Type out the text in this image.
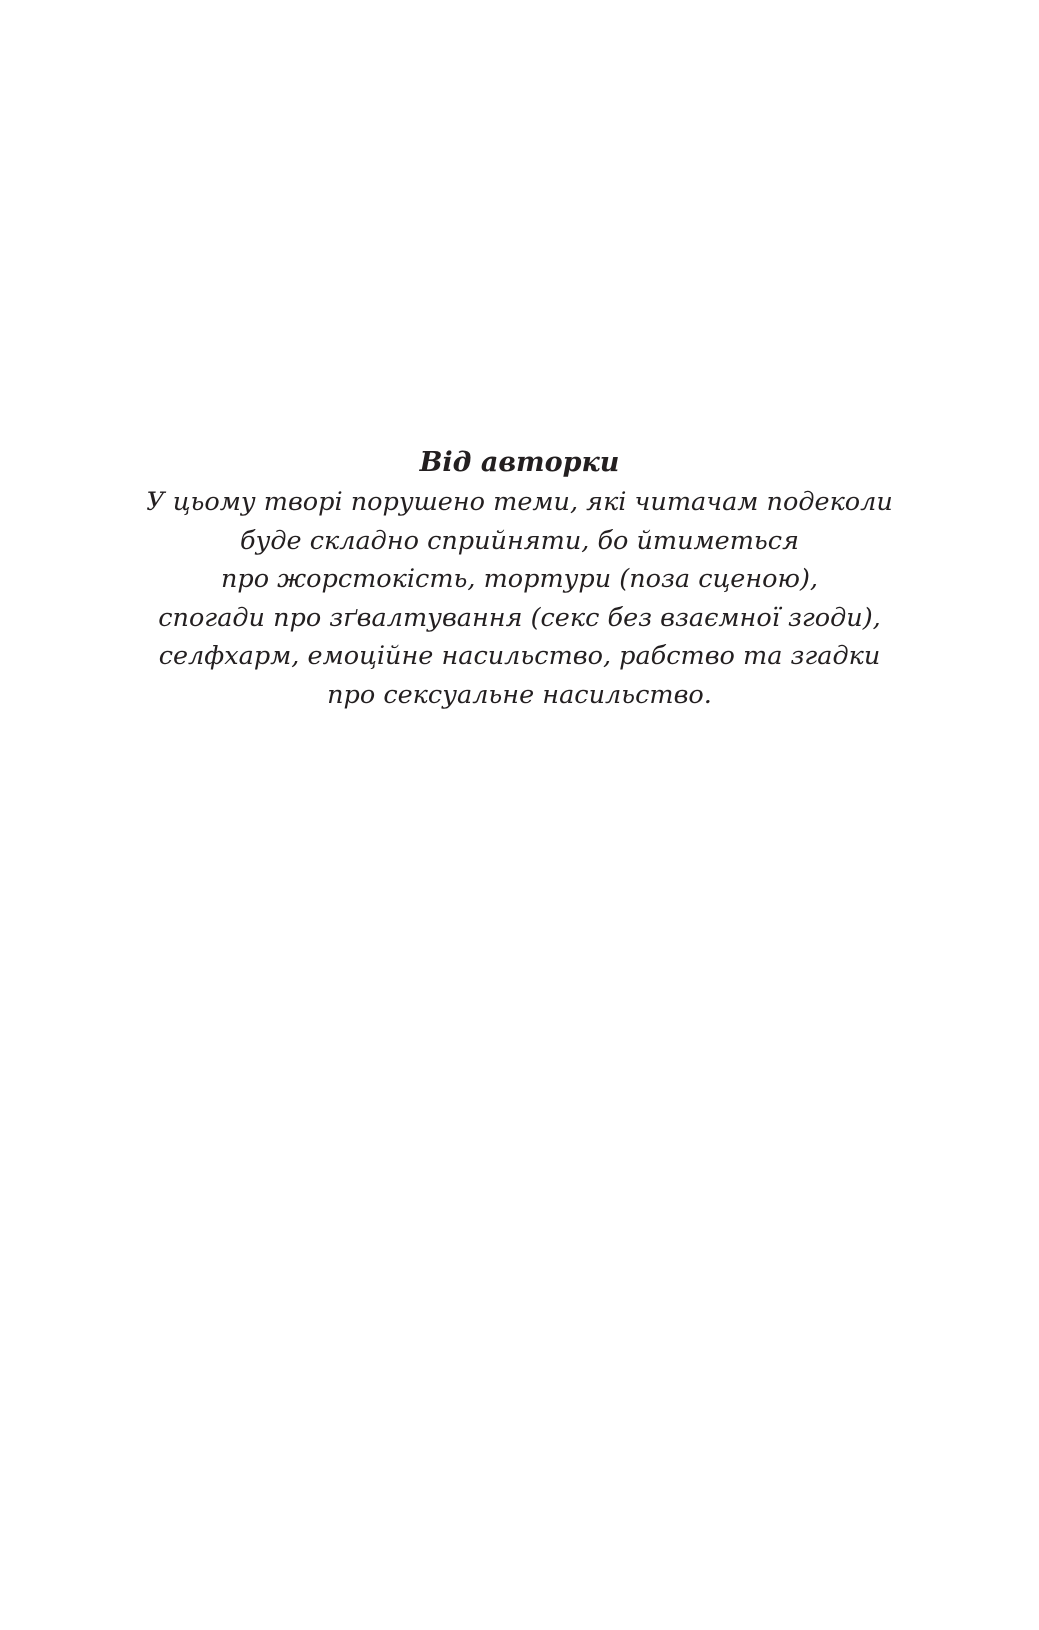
Від авторки
У цьому творі порушено теми, які читачам подеколи
буде складно сприйняти, бо йтиметься
про жорстокість, тортури (поза сценою),
спогади про зґвалтування (секс без взаємної згоди),
селфхарм, емоційне насильство, рабство та згадки
про сексуальне насильство.
